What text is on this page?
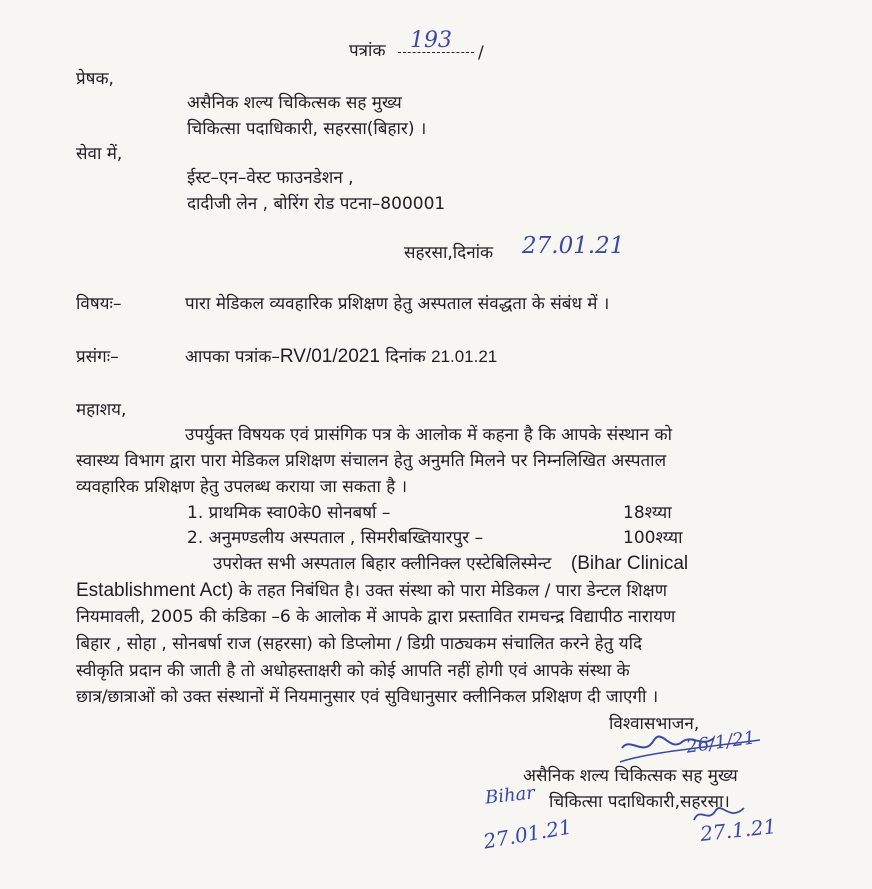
पत्रांक 193 /
प्रेषक,
असैनिक शल्य चिकित्सक सह मुख्य
चिकित्सा पदाधिकारी, सहरसा(बिहार) ।
सेवा में,
ईस्ट–एन–वेस्ट फाउनडेशन ,
दादीजी लेन , बोरिंग रोड पटना–800001
सहरसा,दिनांक 27.01.21
विषयः–	पारा मेडिकल व्यवहारिक प्रशिक्षण हेतु अस्पताल संवद्धता के संबंध में ।
प्रसंगः–	आपका पत्रांक–RV/01/2021 दिनांक 21.01.21
महाशय,
उपर्युक्त विषयक एवं प्रासंगिक पत्र के आलोक में कहना है कि आपके संस्थान को
स्वास्थ्य विभाग द्वारा पारा मेडिकल प्रशिक्षण संचालन हेतु अनुमति मिलने पर निम्नलिखित अस्पताल
व्यवहारिक प्रशिक्षण हेतु उपलब्ध कराया जा सकता है ।
1. प्राथमिक स्वा0के0 सोनबर्षा –	18श्य्या
2. अनुमण्डलीय अस्पताल , सिमरीबख्तियारपुर –	100श्य्या
उपरोक्त सभी अस्पताल बिहार क्लीनिक्ल एस्टेबिलिस्मेन्ट (Bihar Clinical
Establishment Act) के तहत निबंधित है। उक्त संस्था को पारा मेडिकल / पारा डेन्टल शिक्षण
नियमावली, 2005 की कंडिका –6 के आलोक में आपके द्वारा प्रस्तावित रामचन्द्र विद्यापीठ नारायण
बिहार , सोहा , सोनबर्षा राज (सहरसा) को डिप्लोमा / डिग्री पाठ्यकम संचालित करने हेतु यदि
स्वीकृति प्रदान की जाती है तो अधोहस्ताक्षरी को कोई आपति नहीं होगी एवं आपके संस्था के
छात्र/छात्राओं को उक्त संस्थानों में नियमानुसार एवं सुविधानुसार क्लीनिकल प्रशिक्षण दी जाएगी ।
विश्वासभाजन,
26/1/21
असैनिक शल्य चिकित्सक सह मुख्य
चिकित्सा पदाधिकारी,सहरसा।
Bihar
27.01.21	27.1.21
